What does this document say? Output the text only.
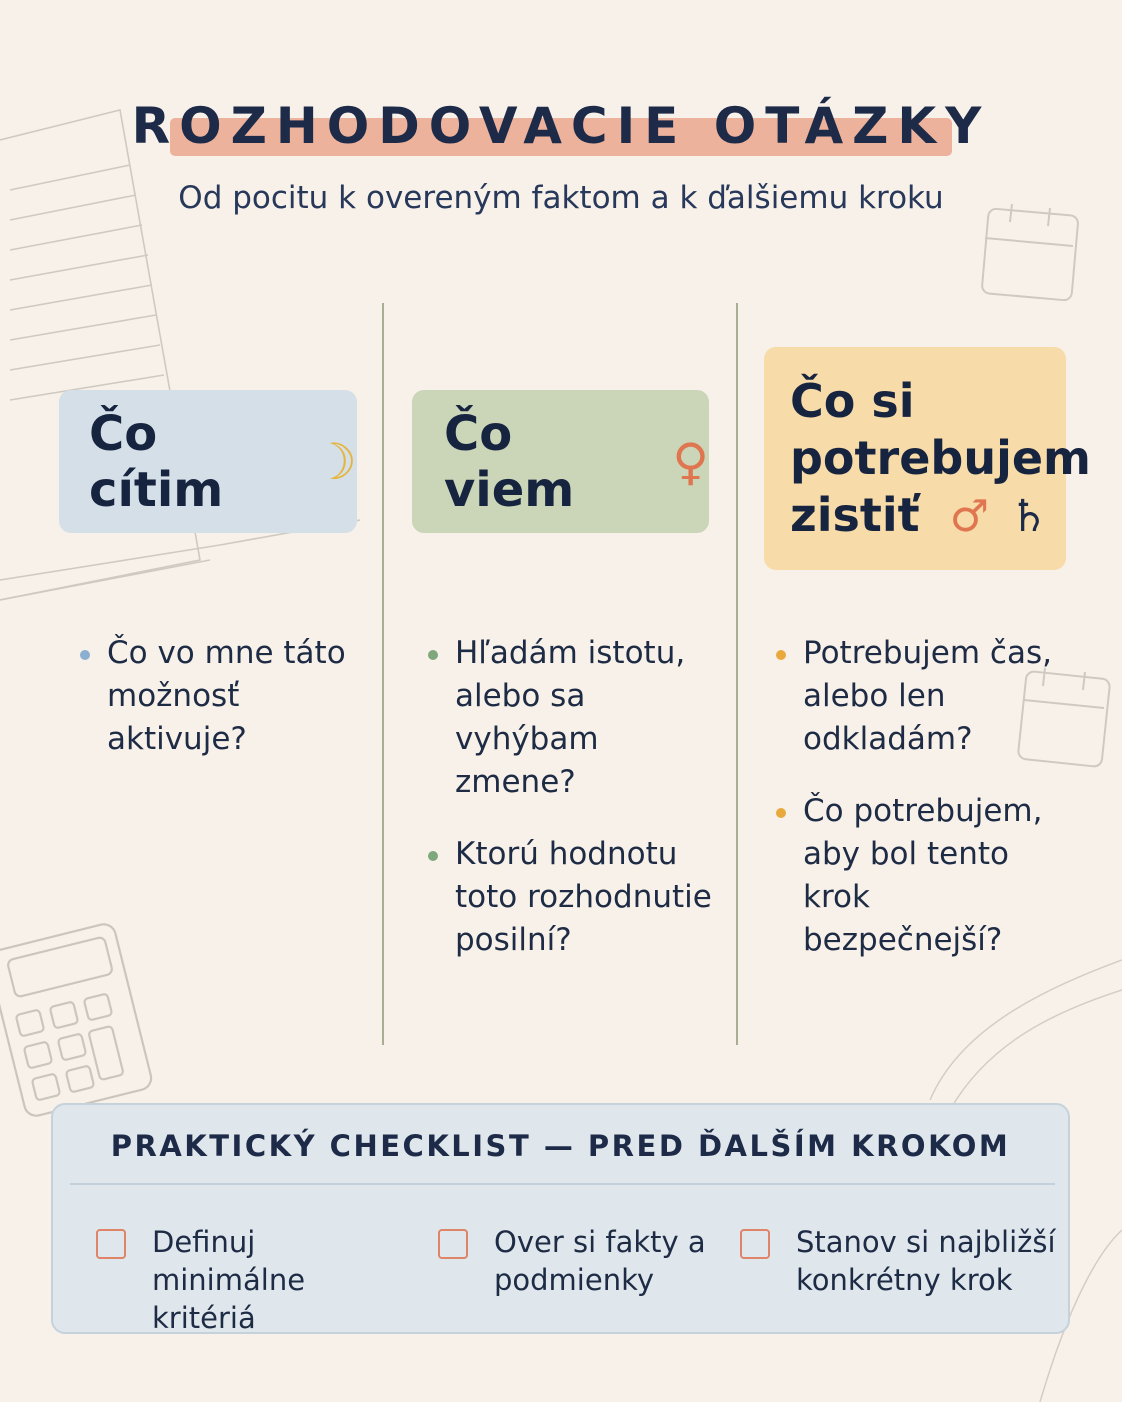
ROZHODOVACIE OTÁZKY
Od pocitu k overeným faktom a k ďalšiemu kroku
Čo cítim	☽
Čo vo mne táto možnosť aktivuje?
Čo viem	♀
Hľadám istotu, alebo sa vyhýbam zmene?
Ktorú hodnotu toto rozhodnutie posilní?
Čo si
potrebujem
zistiť ♂ ♄
Potrebujem čas, alebo len odkladám?
Čo potrebujem, aby bol tento krok bezpečnejší?
PRAKTICKÝ CHECKLIST — PRED ĎALŠÍM KROKOM
Definuj minimálne kritériá
Over si fakty a podmienky
Stanov si najbližší konkrétny krok
